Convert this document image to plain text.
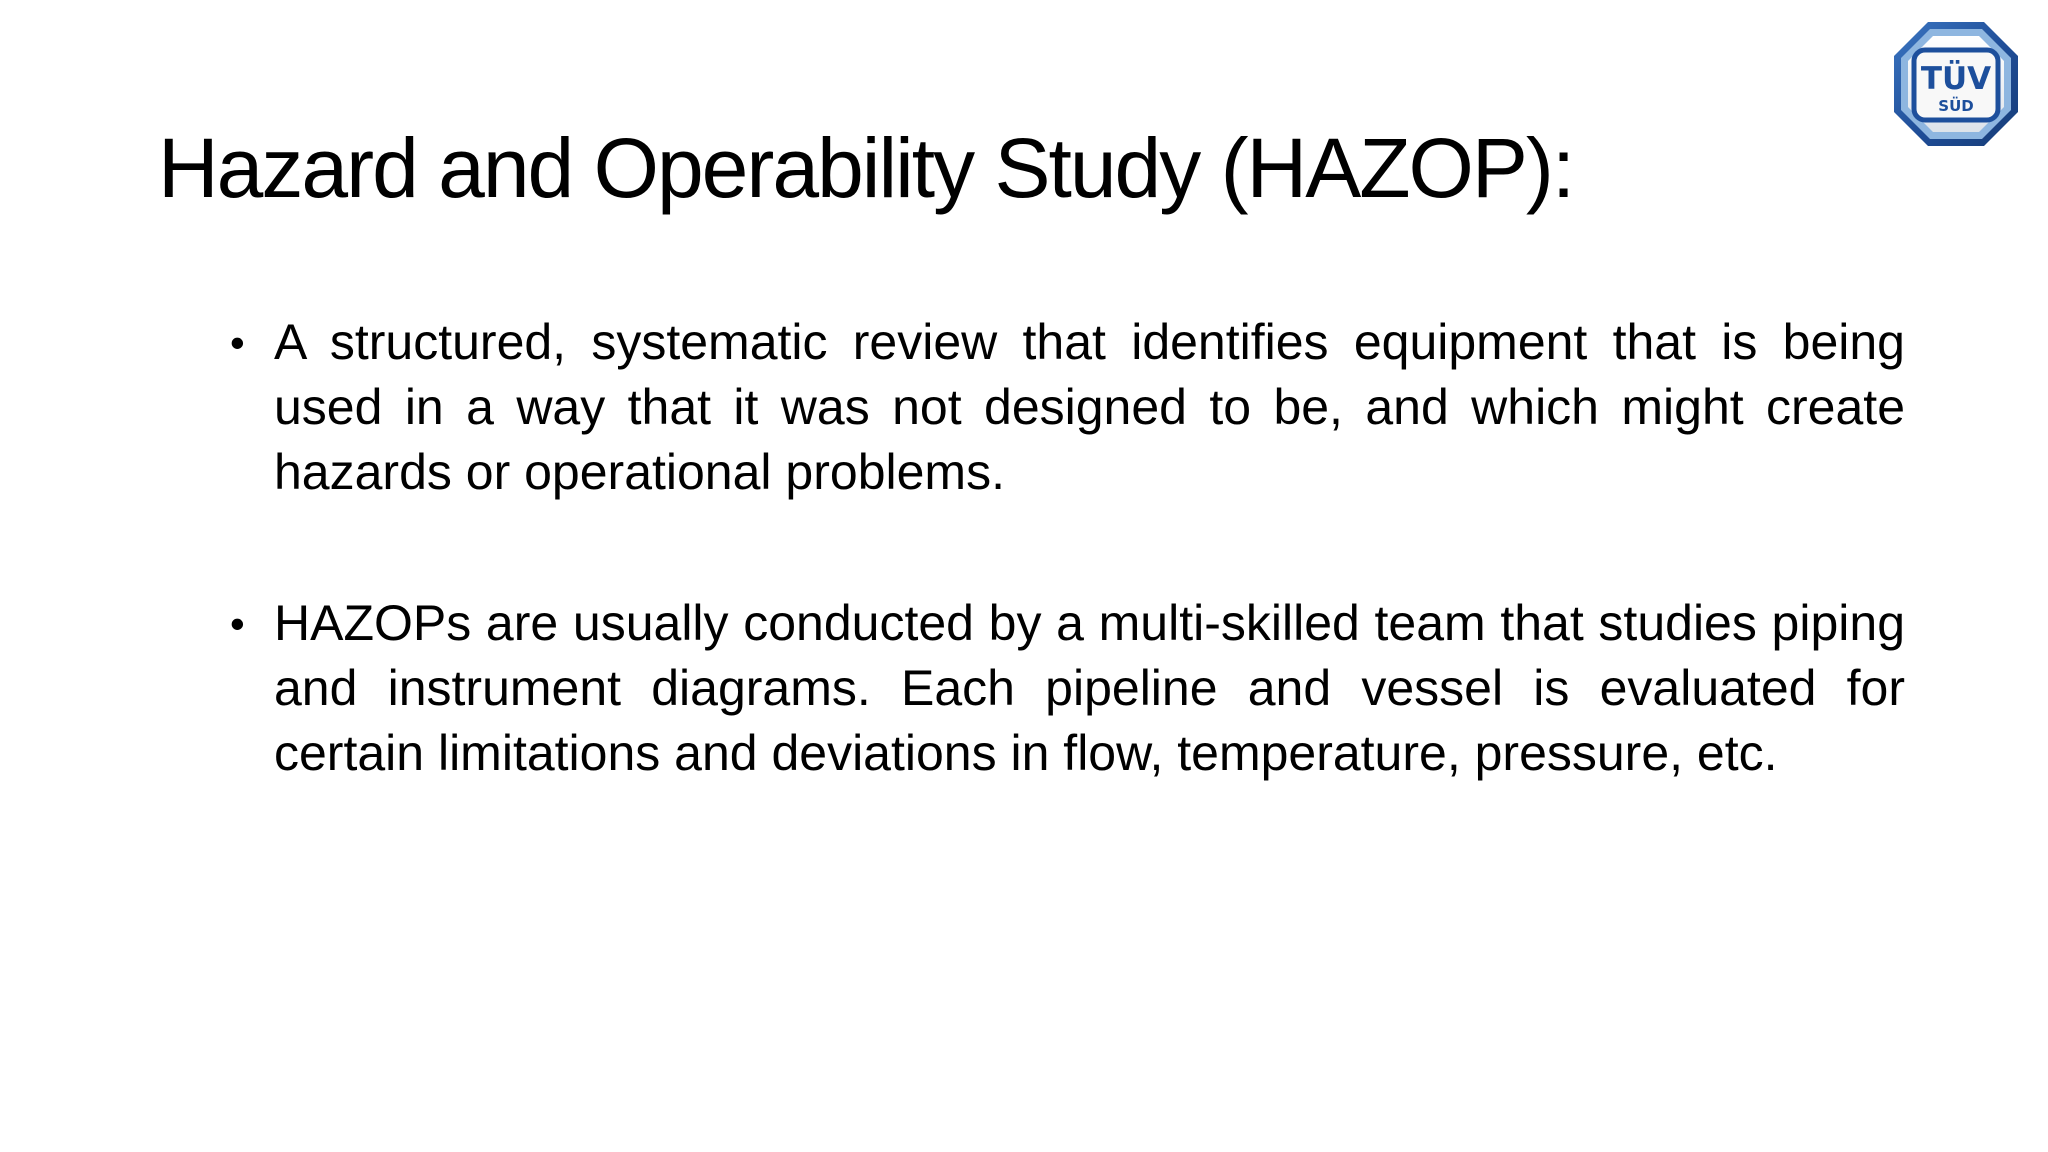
TÜV
SÜD
Hazard and Operability Study (HAZOP):
• A structured, systematic review that identifies equipment that is being used in a way that it was not designed to be, and which might create hazards or operational problems.
• HAZOPs are usually conducted by a multi-skilled team that studies piping and instrument diagrams. Each pipeline and vessel is evaluated for certain limitations and deviations in flow, temperature, pressure, etc.
